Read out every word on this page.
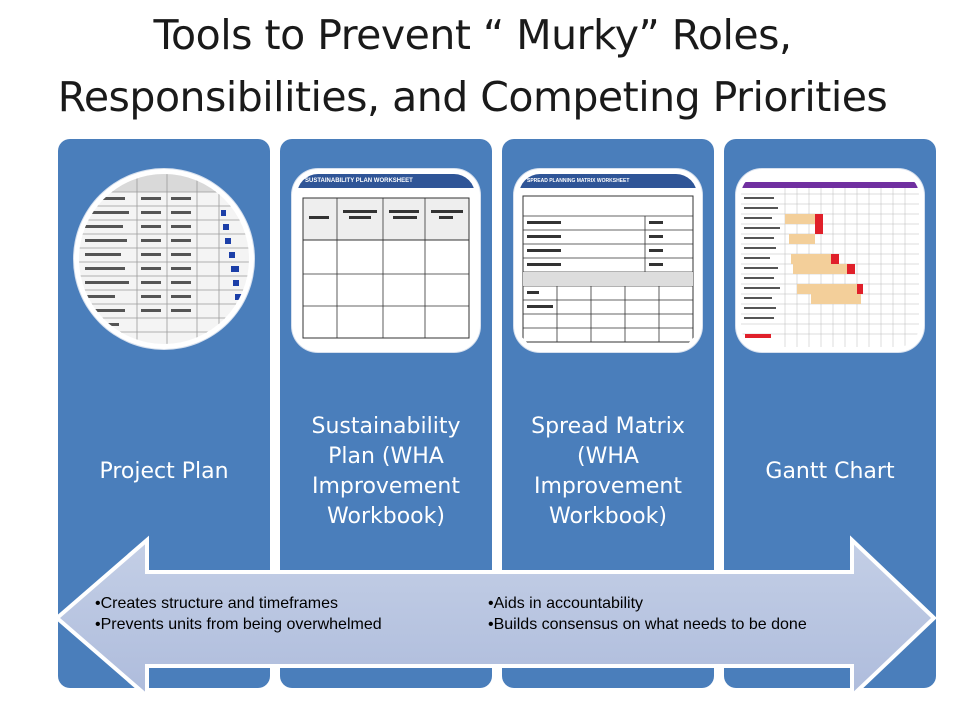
Tools to Prevent “ Murky” Roles,
Responsibilities, and Competing Priorities
Project Plan
SUSTAINABILITY PLAN WORKSHEET
Sustainability Plan (WHA Improvement Workbook)
SPREAD PLANNING MATRIX WORKSHEET
Spread Matrix (WHA Improvement Workbook)
Gantt Chart
•Creates structure and timeframes
•Prevents units from being overwhelmed
•Aids in accountability
•Builds consensus on what needs to be done
